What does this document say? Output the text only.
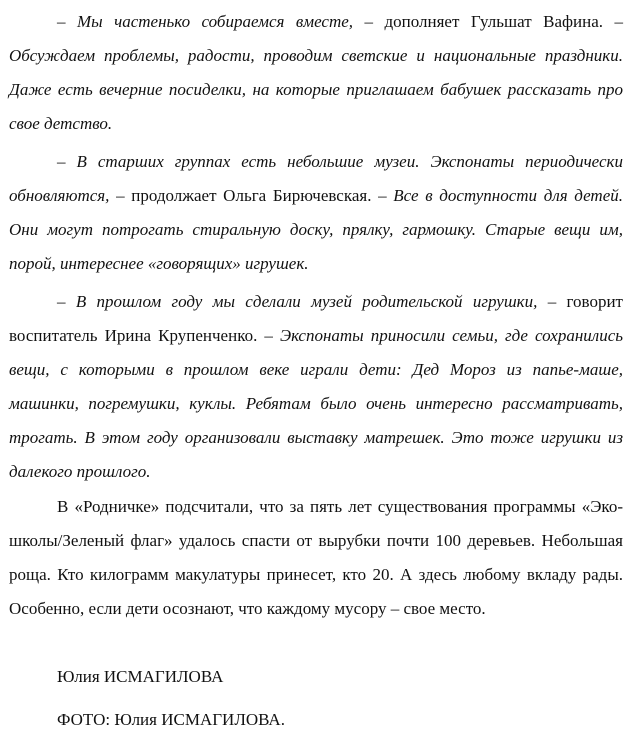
– Мы частенько собираемся вместе, – дополняет Гульшат Вафина. – Обсуждаем проблемы, радости, проводим светские и национальные праздники. Даже есть вечерние посиделки, на которые приглашаем бабушек рассказать про свое детство.

– В старших группах есть небольшие музеи. Экспонаты периодически обновляются, – продолжает Ольга Бирючевская. – Все в доступности для детей. Они могут потрогать стиральную доску, прялку, гармошку. Старые вещи им, порой, интереснее «говорящих» игрушек.

– В прошлом году мы сделали музей родительской игрушки, – говорит воспитатель Ирина Крупенченко. – Экспонаты приносили семьи, где сохранились вещи, с которыми в прошлом веке играли дети: Дед Мороз из папье-маше, машинки, погремушки, куклы. Ребятам было очень интересно рассматривать, трогать. В этом году организовали выставку матрешек. Это тоже игрушки из далекого прошлого.

В «Родничке» подсчитали, что за пять лет существования программы «Эко-школы/Зеленый флаг» удалось спасти от вырубки почти 100 деревьев. Небольшая роща. Кто килограмм макулатуры принесет, кто 20. А здесь любому вкладу рады. Особенно, если дети осознают, что каждому мусору – свое место.

Юлия ИСМАГИЛОВА

ФОТО: Юлия ИСМАГИЛОВА.
